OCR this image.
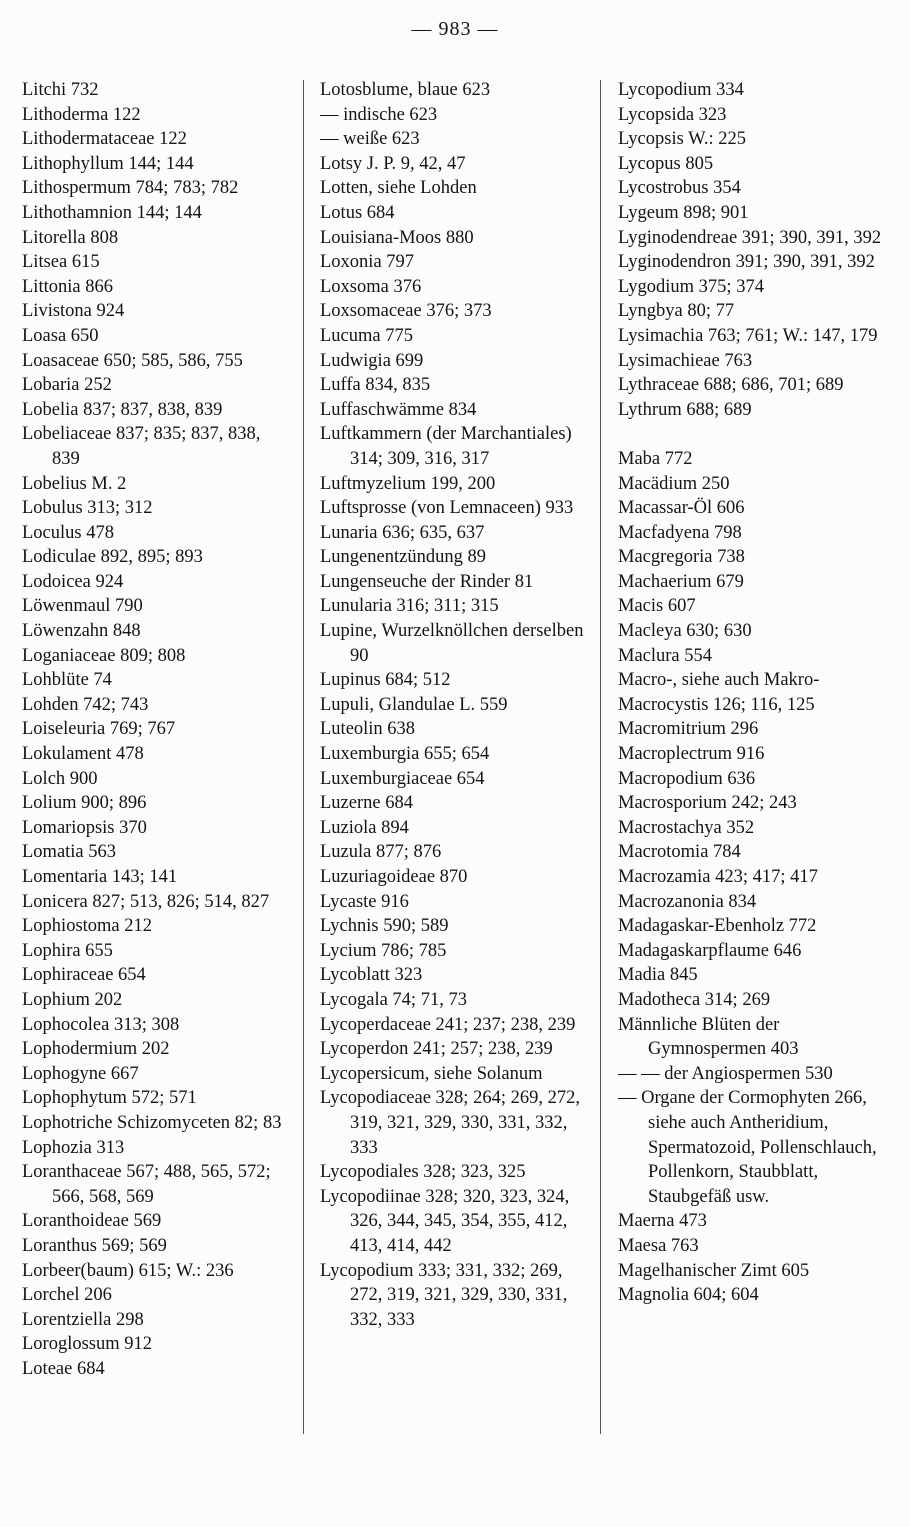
— 983 —
Litchi 732
Lithoderma 122
Lithodermataceae 122
Lithophyllum 144; 144
Lithospermum 784; 783; 782
Lithothamnion 144; 144
Litorella 808
Litsea 615
Littonia 866
Livistona 924
Loasa 650
Loasaceae 650; 585, 586, 755
Lobaria 252
Lobelia 837; 837, 838, 839
Lobeliaceae 837; 835; 837, 838, 839
Lobelius M. 2
Lobulus 313; 312
Loculus 478
Lodiculae 892, 895; 893
Lodoicea 924
Löwenmaul 790
Löwenzahn 848
Loganiaceae 809; 808
Lohblüte 74
Lohden 742; 743
Loiseleuria 769; 767
Lokulament 478
Lolch 900
Lolium 900; 896
Lomariopsis 370
Lomatia 563
Lomentaria 143; 141
Lonicera 827; 513, 826; 514, 827
Lophiostoma 212
Lophira 655
Lophiraceae 654
Lophium 202
Lophocolea 313; 308
Lophodermium 202
Lophogyne 667
Lophophytum 572; 571
Lophotriche Schizomyceten 82; 83
Lophozia 313
Loranthaceae 567; 488, 565, 572; 566, 568, 569
Loranthoideae 569
Loranthus 569; 569
Lorbeer(baum) 615; W.: 236
Lorchel 206
Lorentziella 298
Loroglossum 912
Loteae 684
Lotosblume, blaue 623
— indische 623
— weiße 623
Lotsy J. P. 9, 42, 47
Lotten, siehe Lohden
Lotus 684
Louisiana-Moos 880
Loxonia 797
Loxsoma 376
Loxsomaceae 376; 373
Lucuma 775
Ludwigia 699
Luffa 834, 835
Luffaschwämme 834
Luftkammern (der Marchantiales) 314; 309, 316, 317
Luftmyzelium 199, 200
Luftsprosse (von Lemnaceen) 933
Lunaria 636; 635, 637
Lungenentzündung 89
Lungenseuche der Rinder 81
Lunularia 316; 311; 315
Lupine, Wurzelknöllchen derselben 90
Lupinus 684; 512
Lupuli, Glandulae L. 559
Luteolin 638
Luxemburgia 655; 654
Luxemburgiaceae 654
Luzerne 684
Luziola 894
Luzula 877; 876
Luzuriagoideae 870
Lycaste 916
Lychnis 590; 589
Lycium 786; 785
Lycoblatt 323
Lycogala 74; 71, 73
Lycoperdaceae 241; 237; 238, 239
Lycoperdon 241; 257; 238, 239
Lycopersicum, siehe Solanum
Lycopodiaceae 328; 264; 269, 272, 319, 321, 329, 330, 331, 332, 333
Lycopodiales 328; 323, 325
Lycopodiinae 328; 320, 323, 324, 326, 344, 345, 354, 355, 412, 413, 414, 442
Lycopodium 333; 331, 332; 269, 272, 319, 321, 329, 330, 331, 332, 333
Lycopodium 334
Lycopsida 323
Lycopsis W.: 225
Lycopus 805
Lycostrobus 354
Lygeum 898; 901
Lyginodendreae 391; 390, 391, 392
Lyginodendron 391; 390, 391, 392
Lygodium 375; 374
Lyngbya 80; 77
Lysimachia 763; 761; W.: 147, 179
Lysimachieae 763
Lythraceae 688; 686, 701; 689
Lythrum 688; 689
Maba 772
Macädium 250
Macassar-Öl 606
Macfadyena 798
Macgregoria 738
Machaerium 679
Macis 607
Macleya 630; 630
Maclura 554
Macro-, siehe auch Makro-
Macrocystis 126; 116, 125
Macromitrium 296
Macroplectrum 916
Macropodium 636
Macrosporium 242; 243
Macrostachya 352
Macrotomia 784
Macrozamia 423; 417; 417
Macrozanonia 834
Madagaskar-Ebenholz 772
Madagaskarpflaume 646
Madia 845
Madotheca 314; 269
Männliche Blüten der Gymnospermen 403
— — der Angiospermen 530
— Organe der Cormophyten 266, siehe auch Antheridium, Spermatozoid, Pollenschlauch, Pollenkorn, Staubblatt, Staubgefäß usw.
Maerna 473
Maesa 763
Magelhanischer Zimt 605
Magnolia 604; 604
